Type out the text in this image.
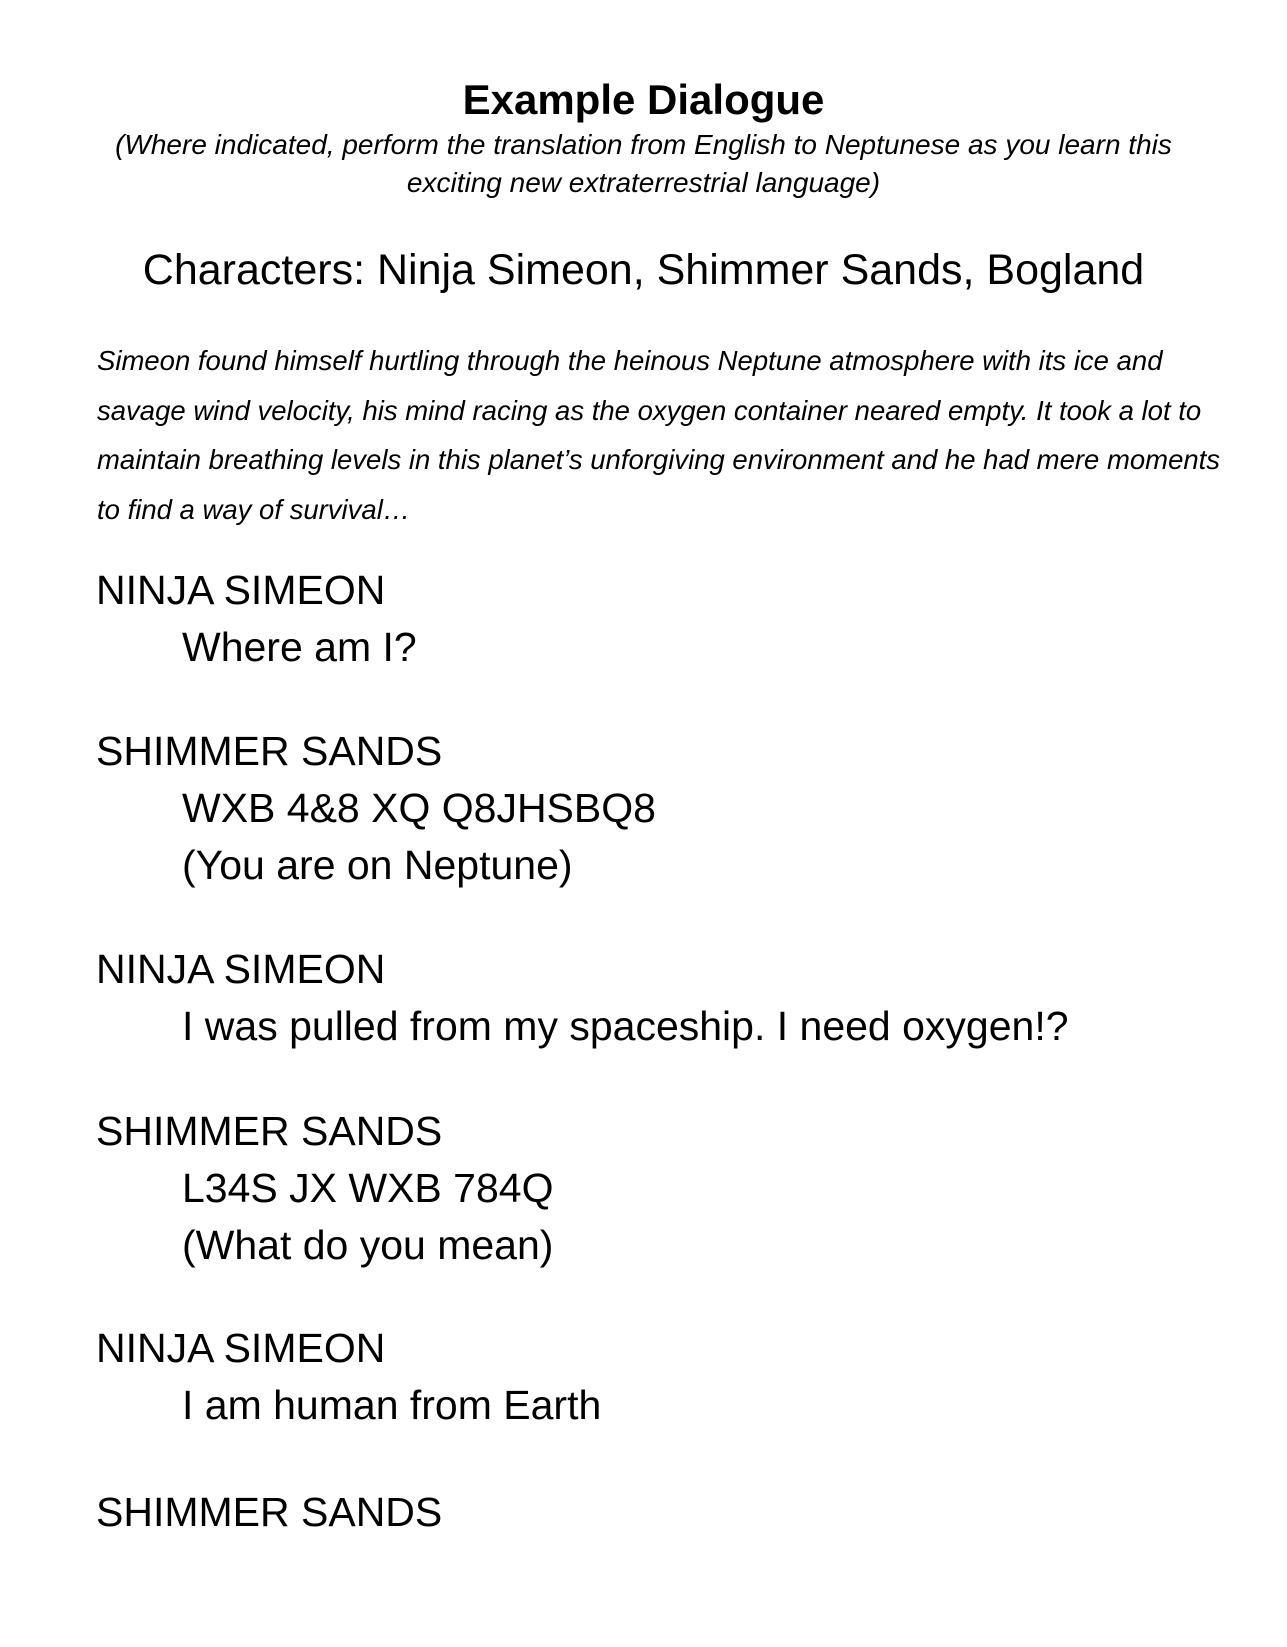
Example Dialogue

(Where indicated, perform the translation from English to Neptunese as you learn this exciting new extraterrestrial language)

Characters: Ninja Simeon, Shimmer Sands, Bogland

Simeon found himself hurtling through the heinous Neptune atmosphere with its ice and savage wind velocity, his mind racing as the oxygen container neared empty. It took a lot to maintain breathing levels in this planet’s unforgiving environment and he had mere moments to find a way of survival…

NINJA SIMEON

Where am I?

SHIMMER SANDS

WXB 4&8 XQ Q8JHSBQ8

(You are on Neptune)

NINJA SIMEON

I was pulled from my spaceship. I need oxygen!?

SHIMMER SANDS

L34S JX WXB 784Q

(What do you mean)

NINJA SIMEON

I am human from Earth

SHIMMER SANDS
